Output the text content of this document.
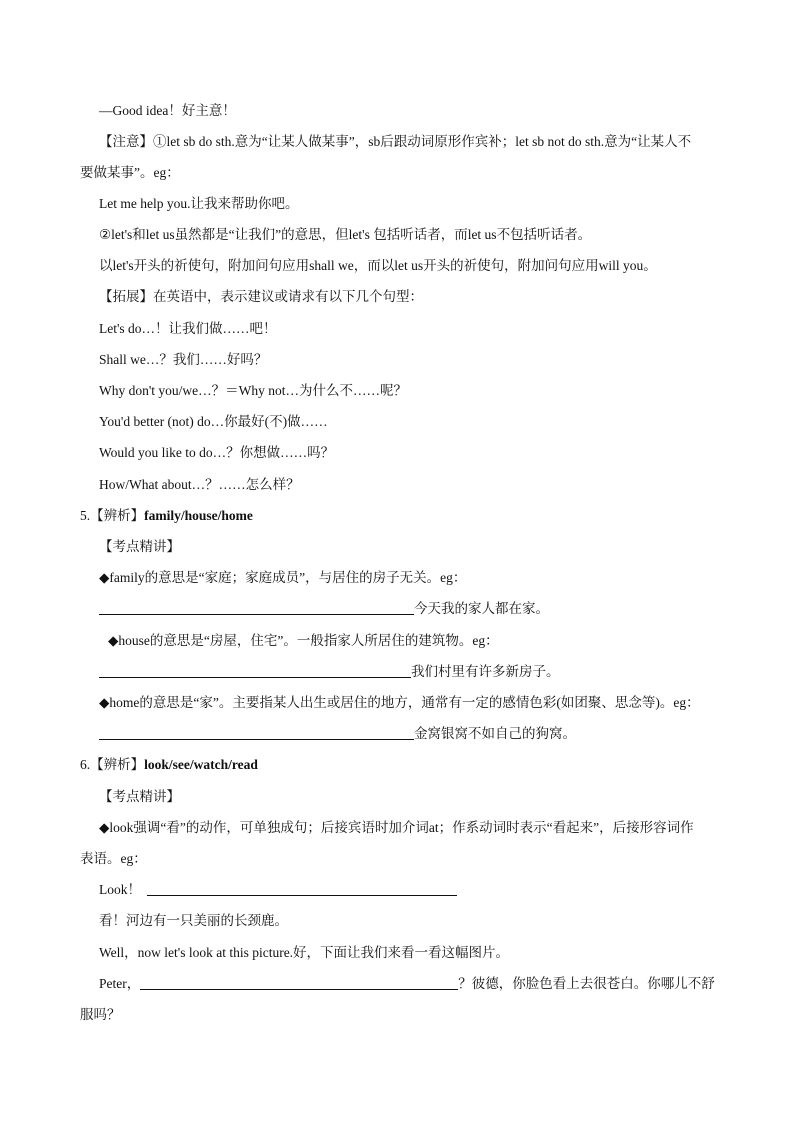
—Good idea！好主意！
【注意】①let sb do sth.意为“让某人做某事”，sb后跟动词原形作宾补；let sb not do sth.意为“让某人不
要做某事”。eg：
Let me help you.让我来帮助你吧。
②let's和let us虽然都是“让我们”的意思，但let's 包括听话者，而let us不包括听话者。
以let's开头的祈使句，附加问句应用shall we，而以let us开头的祈使句，附加问句应用will you。
【拓展】在英语中，表示建议或请求有以下几个句型：
Let's do…！让我们做……吧！
Shall we…？我们……好吗？
Why don't you/we…？＝Why not…为什么不……呢？
You'd better (not) do…你最好(不)做……
Would you like to do…？你想做……吗？
How/What about…？……怎么样？
5.【辨析】family/house/home
【考点精讲】
◆family的意思是“家庭；家庭成员”，与居住的房子无关。eg：
今天我的家人都在家。
◆house的意思是“房屋，住宅”。一般指家人所居住的建筑物。eg：
我们村里有许多新房子。
◆home的意思是“家”。主要指某人出生或居住的地方，通常有一定的感情色彩(如团聚、思念等)。eg：
金窝银窝不如自己的狗窝。
6.【辨析】look/see/watch/read
【考点精讲】
◆look强调“看”的动作，可单独成句；后接宾语时加介词at；作系动词时表示“看起来”，后接形容词作
表语。eg：
Look！
看！河边有一只美丽的长颈鹿。
Well，now let's look at this picture.好，下面让我们来看一看这幅图片。
Peter，	？彼德，你脸色看上去很苍白。你哪儿不舒
服吗？
